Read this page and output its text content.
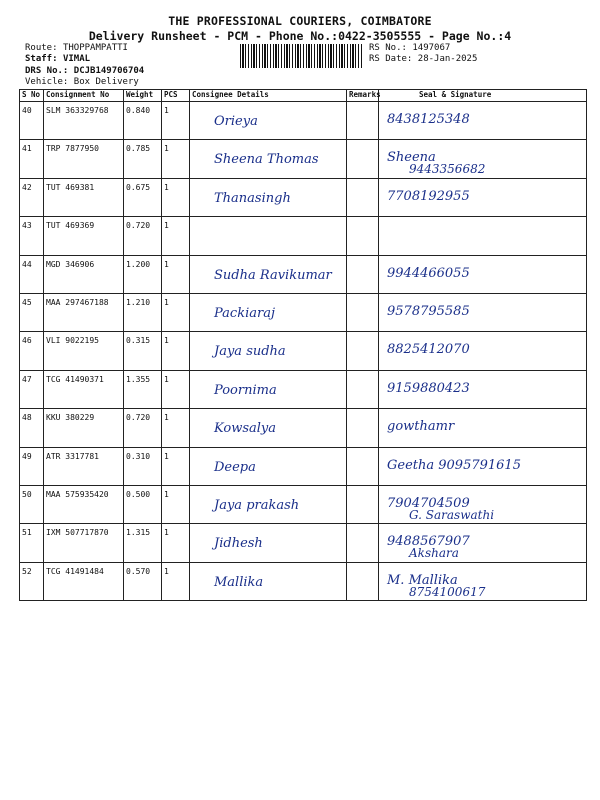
THE PROFESSIONAL COURIERS, COIMBATORE
Delivery Runsheet - PCM - Phone No.:0422-3505555 - Page No.:4
Route: THOPPAMPATTI
Staff: VIMAL
DRS No.: DCJB149706704
Vehicle: Box Delivery
RS No.: 1497067
RS Date: 28-Jan-2025
S No	Consignment No	Weight	PCS	Consignee Details	Remarks	Seal & Signature
40	SLM 363329768	0.840	1	Orieya		8438125348

41	TRP 7877950	0.785	1	Sheena Thomas		Sheena
9443356682

42	TUT 469381	0.675	1	Thanasingh		7708192955

43	TUT 469369	0.720	1	

44	MGD 346906	1.200	1	Sudha Ravikumar		9944466055

45	MAA 297467188	1.210	1	Packiaraj		9578795585

46	VLI 9022195	0.315	1	Jaya sudha		8825412070

47	TCG 41490371	1.355	1	Poornima		9159880423

48	KKU 380229	0.720	1	Kowsalya		gowthamr

49	ATR 3317781	0.310	1	Deepa		Geetha 9095791615

50	MAA 575935420	0.500	1	Jaya prakash		7904704509
G. Saraswathi

51	IXM 507717870	1.315	1	Jidhesh		9488567907
Akshara

52	TCG 41491484	0.570	1	Mallika		M. Mallika
8754100617
